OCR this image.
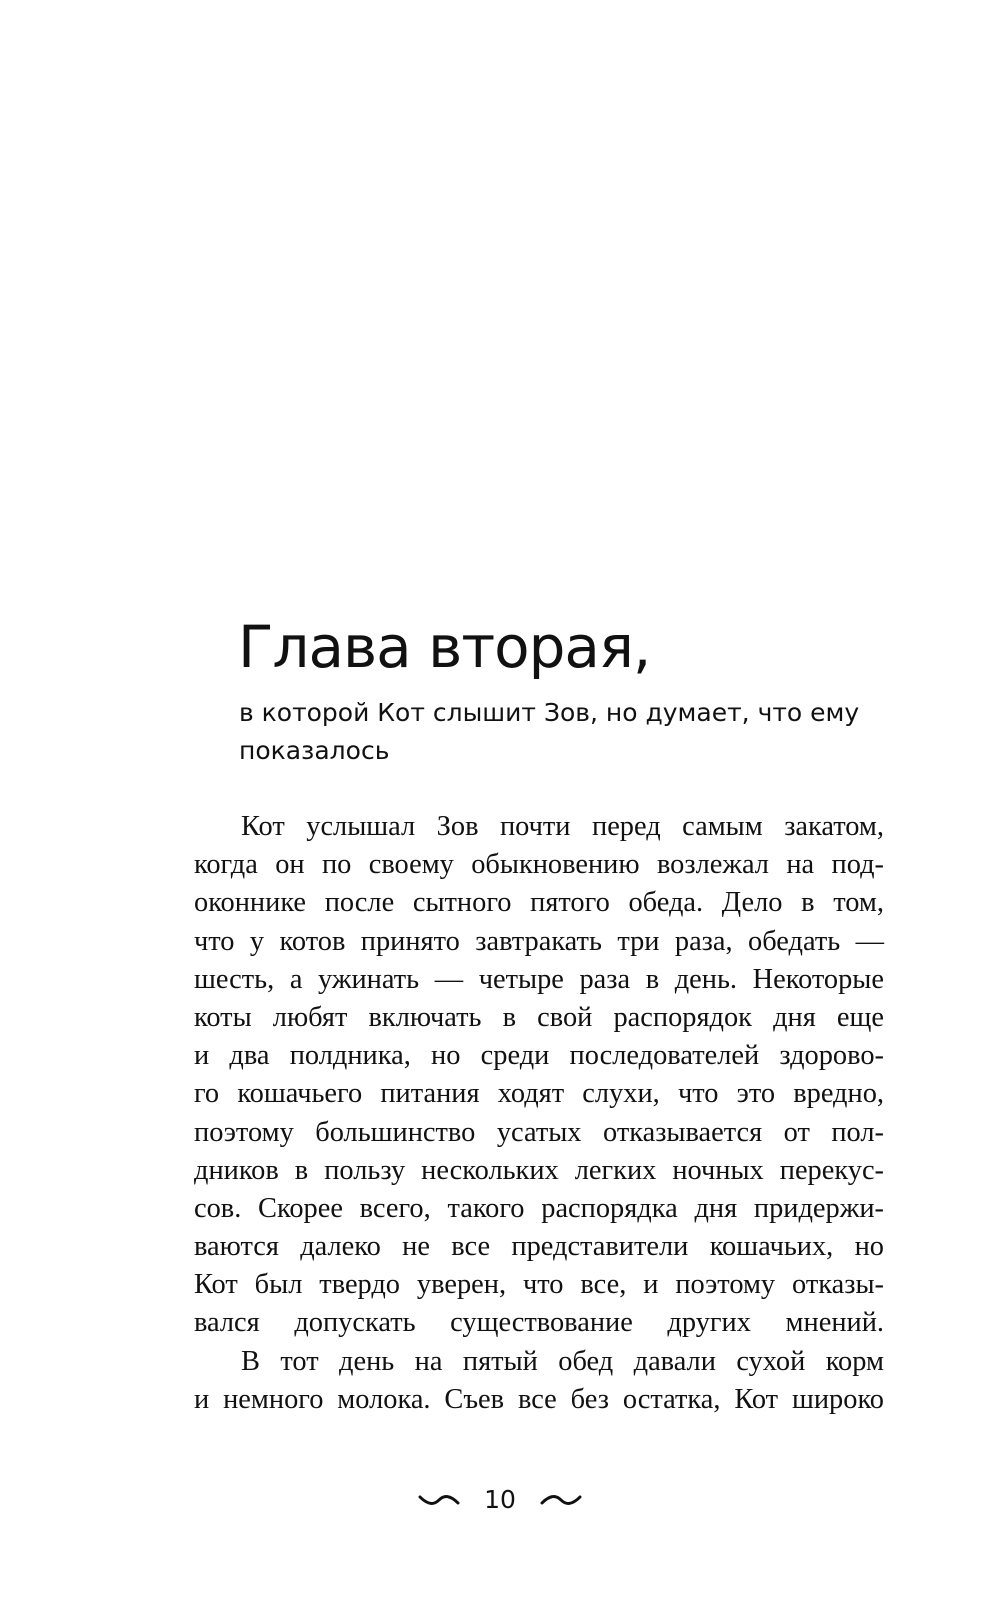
Глава вторая,
в которой Кот слышит Зов, но думает, что ему показалось
Кот услышал Зов почти перед самым закатом,
когда он по своему обыкновению возлежал на под-
оконнике после сытного пятого обеда. Дело в том,
что у котов принято завтракать три раза, обедать —
шесть, а ужинать — четыре раза в день. Некоторые
коты любят включать в свой распорядок дня еще
и два полдника, но среди последователей здорово-
го кошачьего питания ходят слухи, что это вредно,
поэтому большинство усатых отказывается от пол-
дников в пользу нескольких легких ночных перекус-
сов. Скорее всего, такого распорядка дня придержи-
ваются далеко не все представители кошачьих, но
Кот был твердо уверен, что все, и поэтому отказы-
вался допускать существование других мнений.
В тот день на пятый обед давали сухой корм
и немного молока. Съев все без остатка, Кот широко
10
